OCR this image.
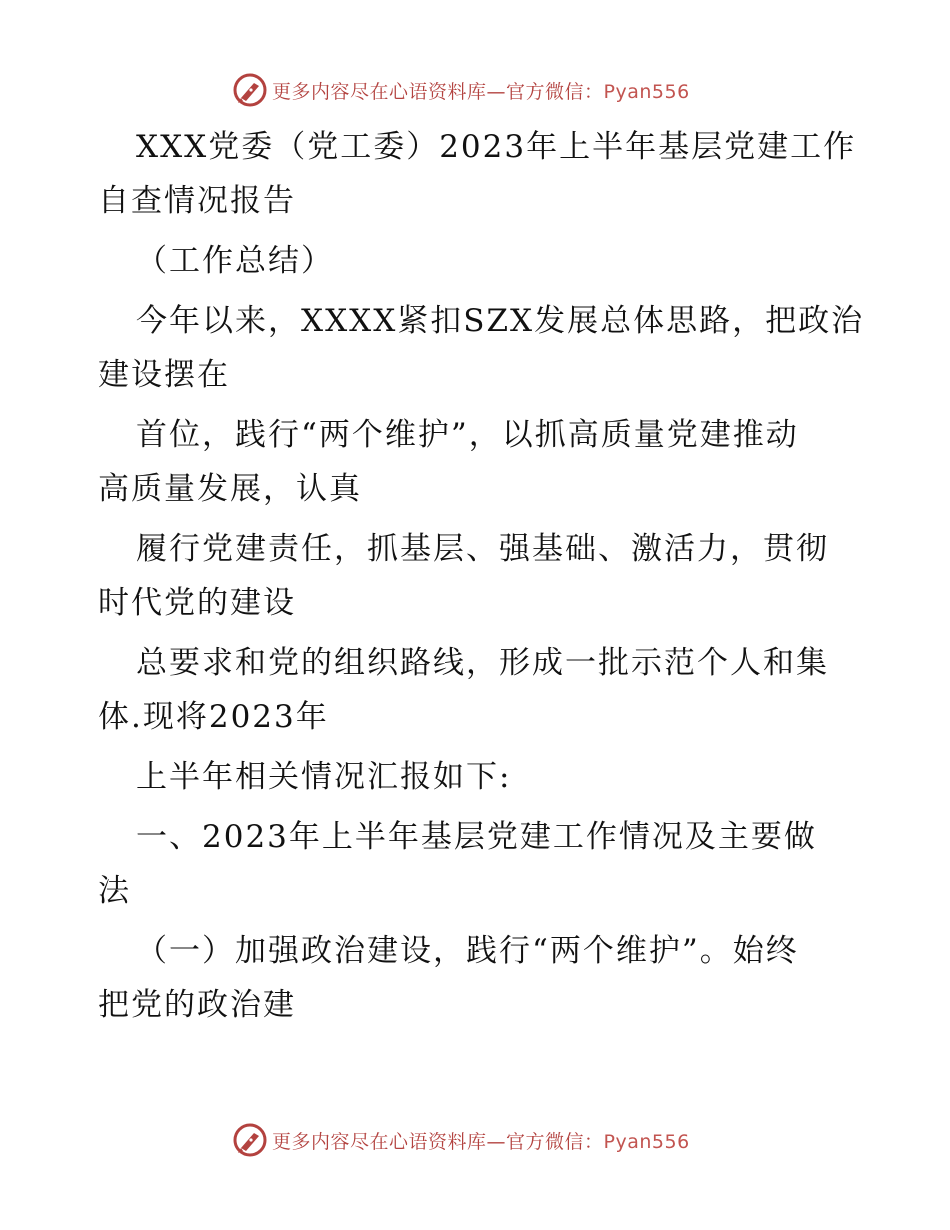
更多内容尽在心语资料库—官方微信：Pyan556
XXX党委（党工委）2023年上半年基层党建工作
自查情况报告
（工作总结）
今年以来，XXXX紧扣SZX发展总体思路，把政治
建设摆在
首位，践行“两个维护”，以抓高质量党建推动
高质量发展，认真
履行党建责任，抓基层、强基础、激活力，贯彻
时代党的建设
总要求和党的组织路线，形成一批示范个人和集
体.现将2023年
上半年相关情况汇报如下:
一、2023年上半年基层党建工作情况及主要做
法
（一）加强政治建设，践行“两个维护”。始终
把党的政治建
更多内容尽在心语资料库—官方微信：Pyan556
